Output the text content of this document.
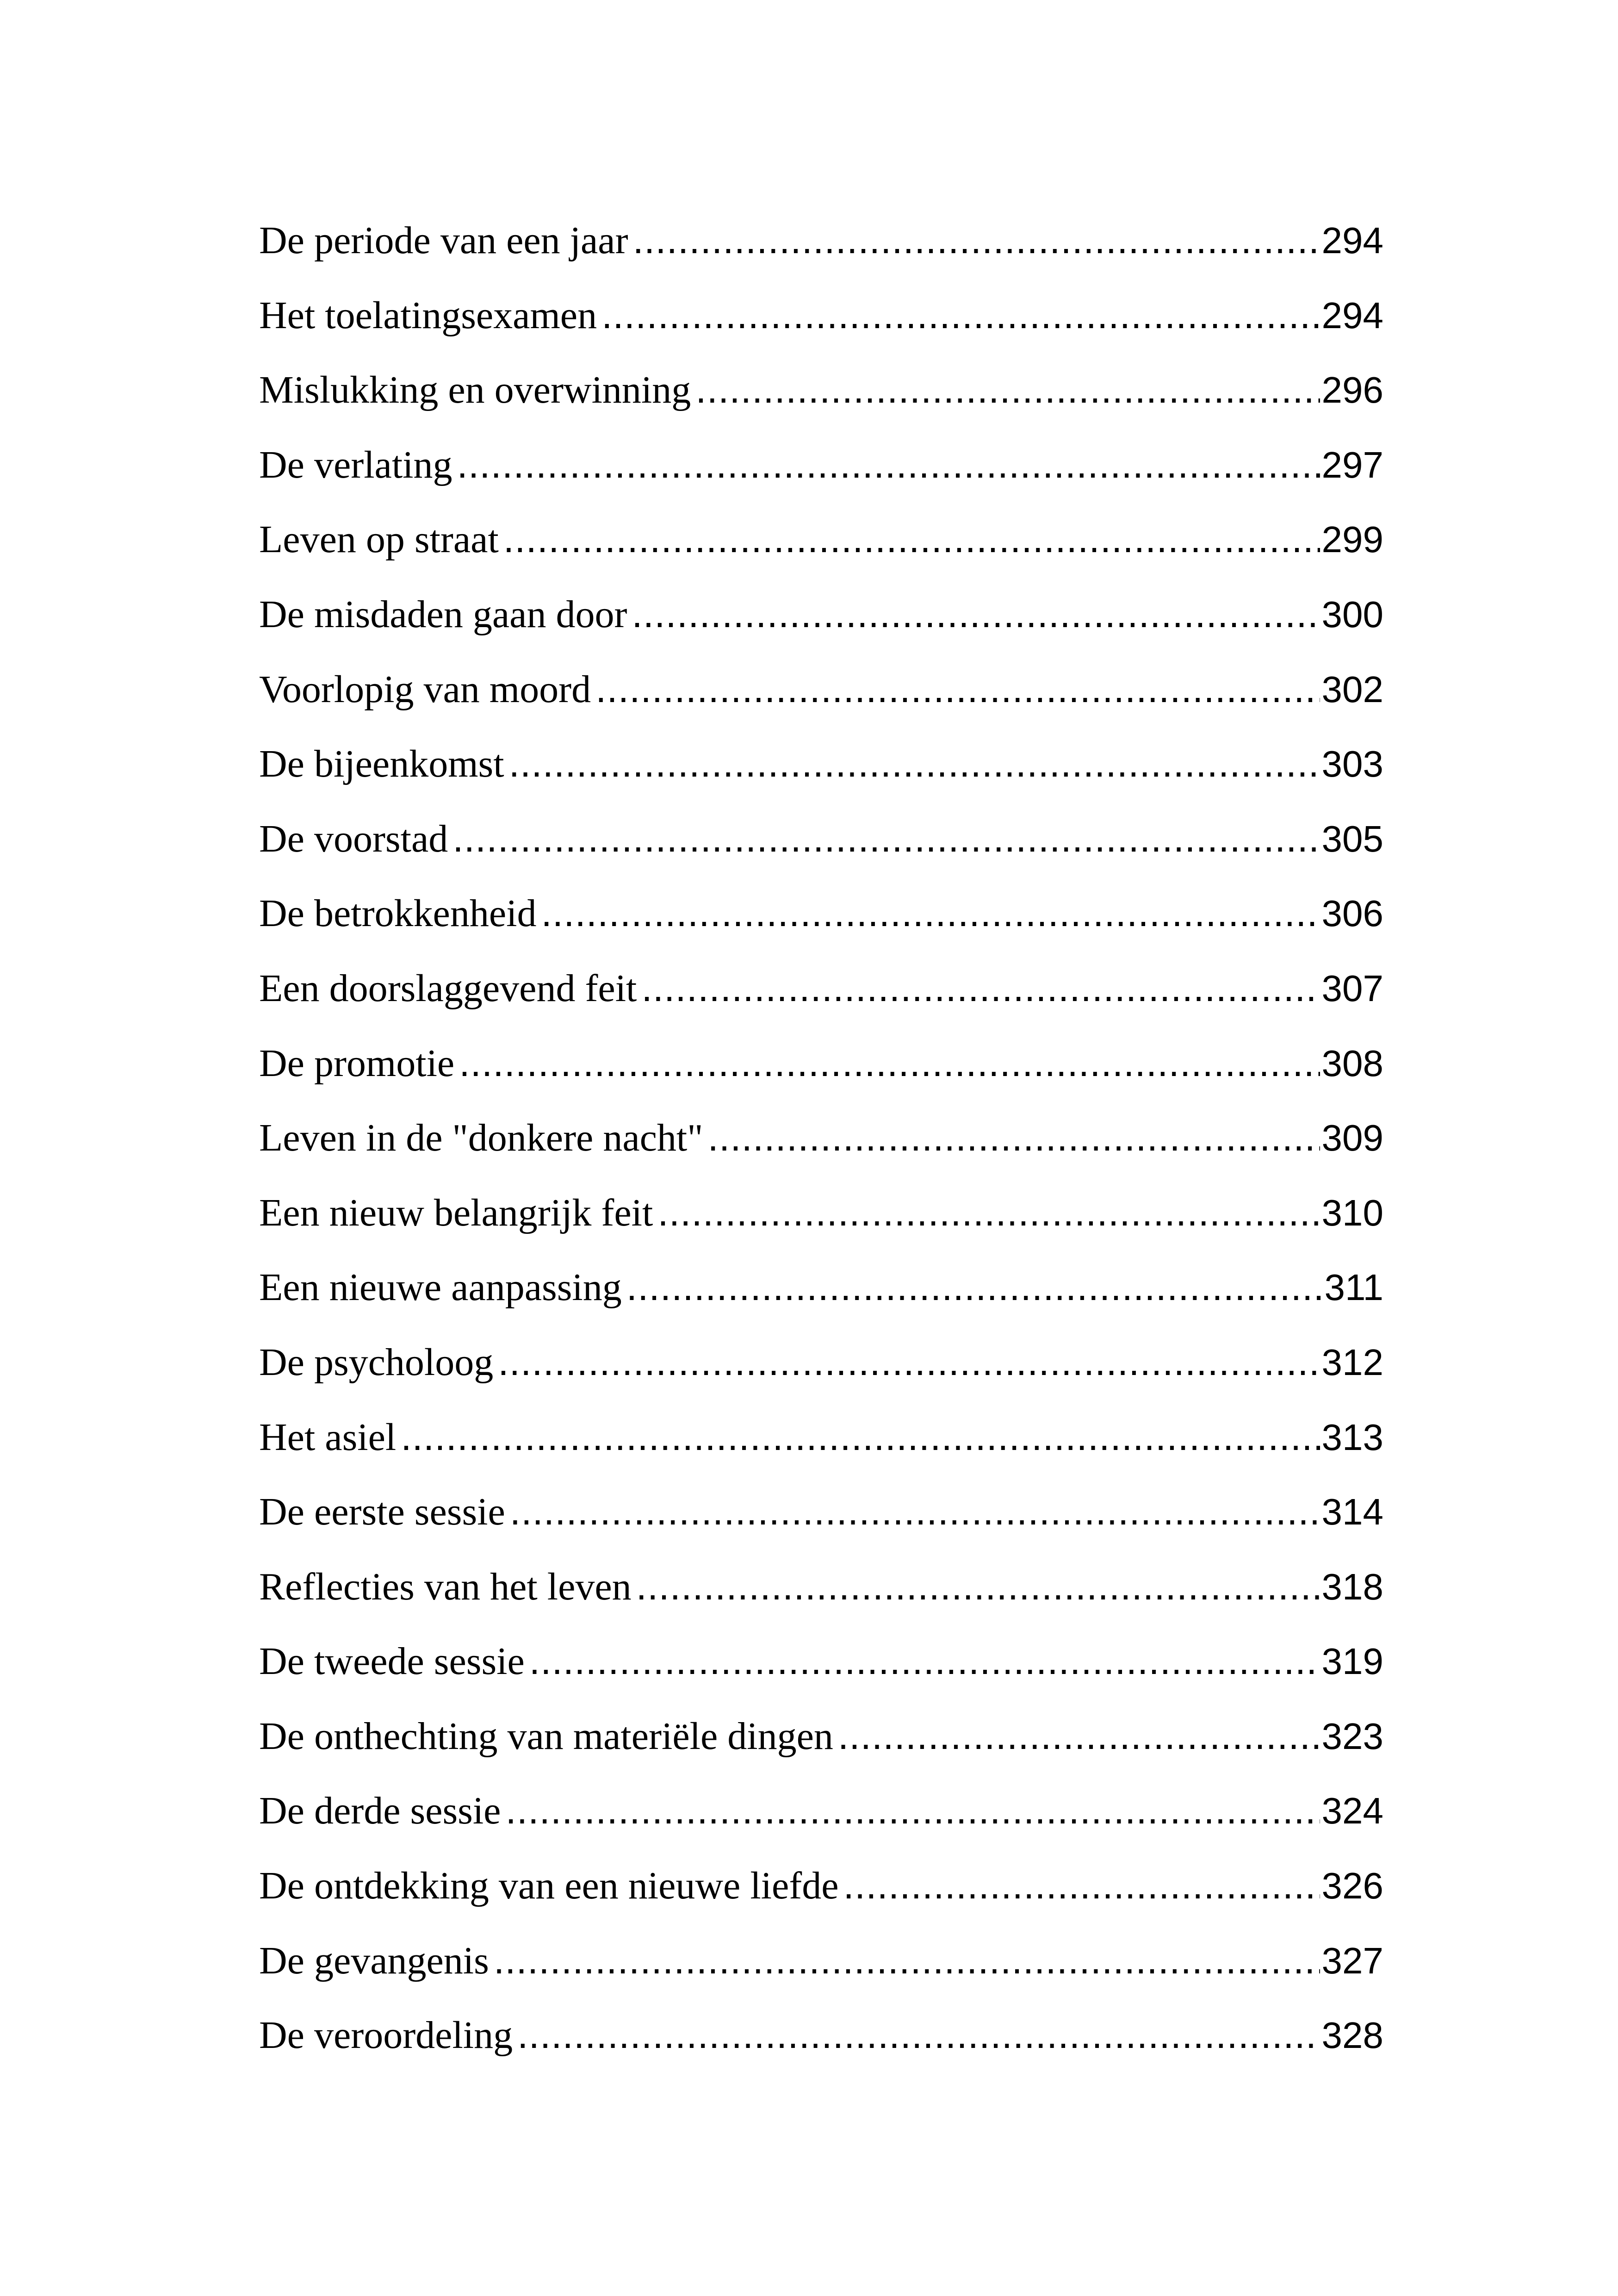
De periode van een jaar .....	294
Het toelatingsexamen .....	294
Mislukking en overwinning .....	296
De verlating .....	297
Leven op straat .....	299
De misdaden gaan door .....	300
Voorlopig van moord .....	302
De bijeenkomst .....	303
De voorstad .....	305
De betrokkenheid .....	306
Een doorslaggevend feit .....	307
De promotie .....	308
Leven in de "donkere nacht" .....	309
Een nieuw belangrijk feit .....	310
Een nieuwe aanpassing .....	311
De psycholoog .....	312
Het asiel .....	313
De eerste sessie .....	314
Reflecties van het leven .....	318
De tweede sessie .....	319
De onthechting van materiële dingen .....	323
De derde sessie .....	324
De ontdekking van een nieuwe liefde .....	326
De gevangenis .....	327
De veroordeling .....	328
